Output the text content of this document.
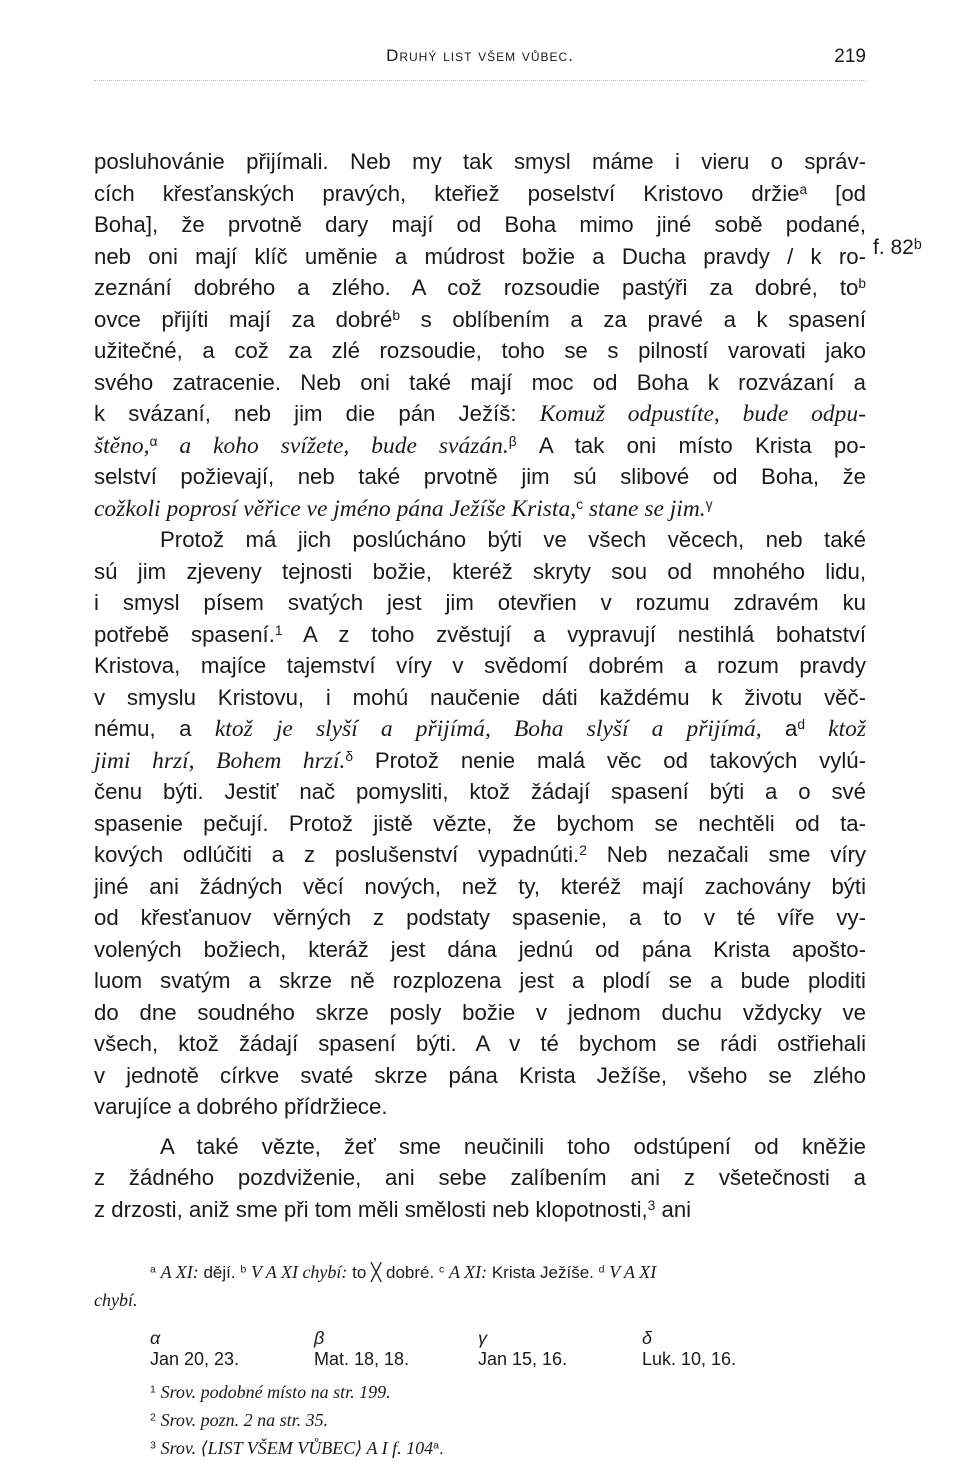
Druhý list všem vůbec.	219
f. 82ᵇ
posluhovánie přijímali. Neb my tak smysl máme i vieru o správ-
cích křesťanských pravých, kteřiež poselství Kristovo držie$^a$ [od
Boha], že prvotně dary mají od Boha mimo jiné sobě podané,
neb oni mají klíč uměnie a múdrost božie a Ducha pravdy / k ro-
zeznání dobrého a zlého. A což rozsoudie pastýři za dobré, $to^b$
ovce přijíti mají za dobré$^b$ s oblíbením a za pravé a k spasení
užitečné, a což za zlé rozsoudie, toho se s pilností varovati jako
svého zatracenie. Neb oni také mají moc od Boha k rozvázaní a
k svázaní, neb jim die pán Ježíš: Komuž odpustíte, bude odpu-
štěno,$^\alpha$ a koho svížete, bude svázán.$^\beta$ A tak oni místo Krista po-
selství požievají, neb také prvotně jim sú slibové od Boha, že
cožkoli poprosí věřice ve jméno pána Ježíše Krista,$^c$ stane se jim.$^\gamma$
Protož má jich poslúcháno býti ve všech věcech, neb také
sú jim zjeveny tejnosti božie, kteréž skryty sou od mnohého lidu,
i smysl písem svatých jest jim otevřien v rozumu zdravém ku
potřebě spasení.$^1$ A z toho zvěstují a vypravují nestihlá bohatství
Kristova, majíce tajemství víry v svědomí dobrém a rozum pravdy
v smyslu Kristovu, i mohú naučenie dáti každému k životu věč-
nému, a ktož je slyší a přijímá, Boha slyší a přijímá, $a^d$ ktož
jimi hrzí, Bohem hrzí.$^\delta$ Protož nenie malá věc od takových vylú-
čenu býti. Jestiť nač pomysliti, ktož žádají spasení býti a o své
spasenie pečují. Protož jistě vězte, že bychom se nechtěli od ta-
kových odlúčiti a z poslušenství vypadnúti.$^2$ Neb nezačali sme víry
jiné ani žádných věcí nových, než ty, kteréž mají zachovány býti
od křesťanuov věrných z podstaty spasenie, a to v té víře vy-
volených božiech, kteráž jest dána jednú od pána Krista apošto-
luom svatým a skrze ně rozplozena jest a plodí se a bude ploditi
do dne soudného skrze posly božie v jednom duchu vždycky ve
všech, ktož žádají spasení býti. A v té bychom se rádi ostřiehali
v jednotě církve svaté skrze pána Krista Ježíše, všeho se zlého
varujíce a dobrého přídržiece.
A také vězte, žeť sme neučinili toho odstúpení od kněžie
z žádného pozdviženie, ani sebe zalíbením ani z všetečnosti a
z drzosti, aniž sme při tom měli smělosti neb klopotnosti,$^3$ ani
$^a$ A XI: dějí. $^b$ V A XI chybí: to ╳ dobré. $^c$ A XI: Krista Ježíše. $^d$ V A XI
chybí.
α Jan 20, 23.
β Mat. 18, 18.
γ Jan 15, 16.
δ Luk. 10, 16.
$^1$ Srov. podobné místo na str. 199.
$^2$ Srov. pozn. 2 na str. 35.
$^3$ Srov. ⟨LIST VŠEM VŮBEC⟩ A I f. 104$^a$.
